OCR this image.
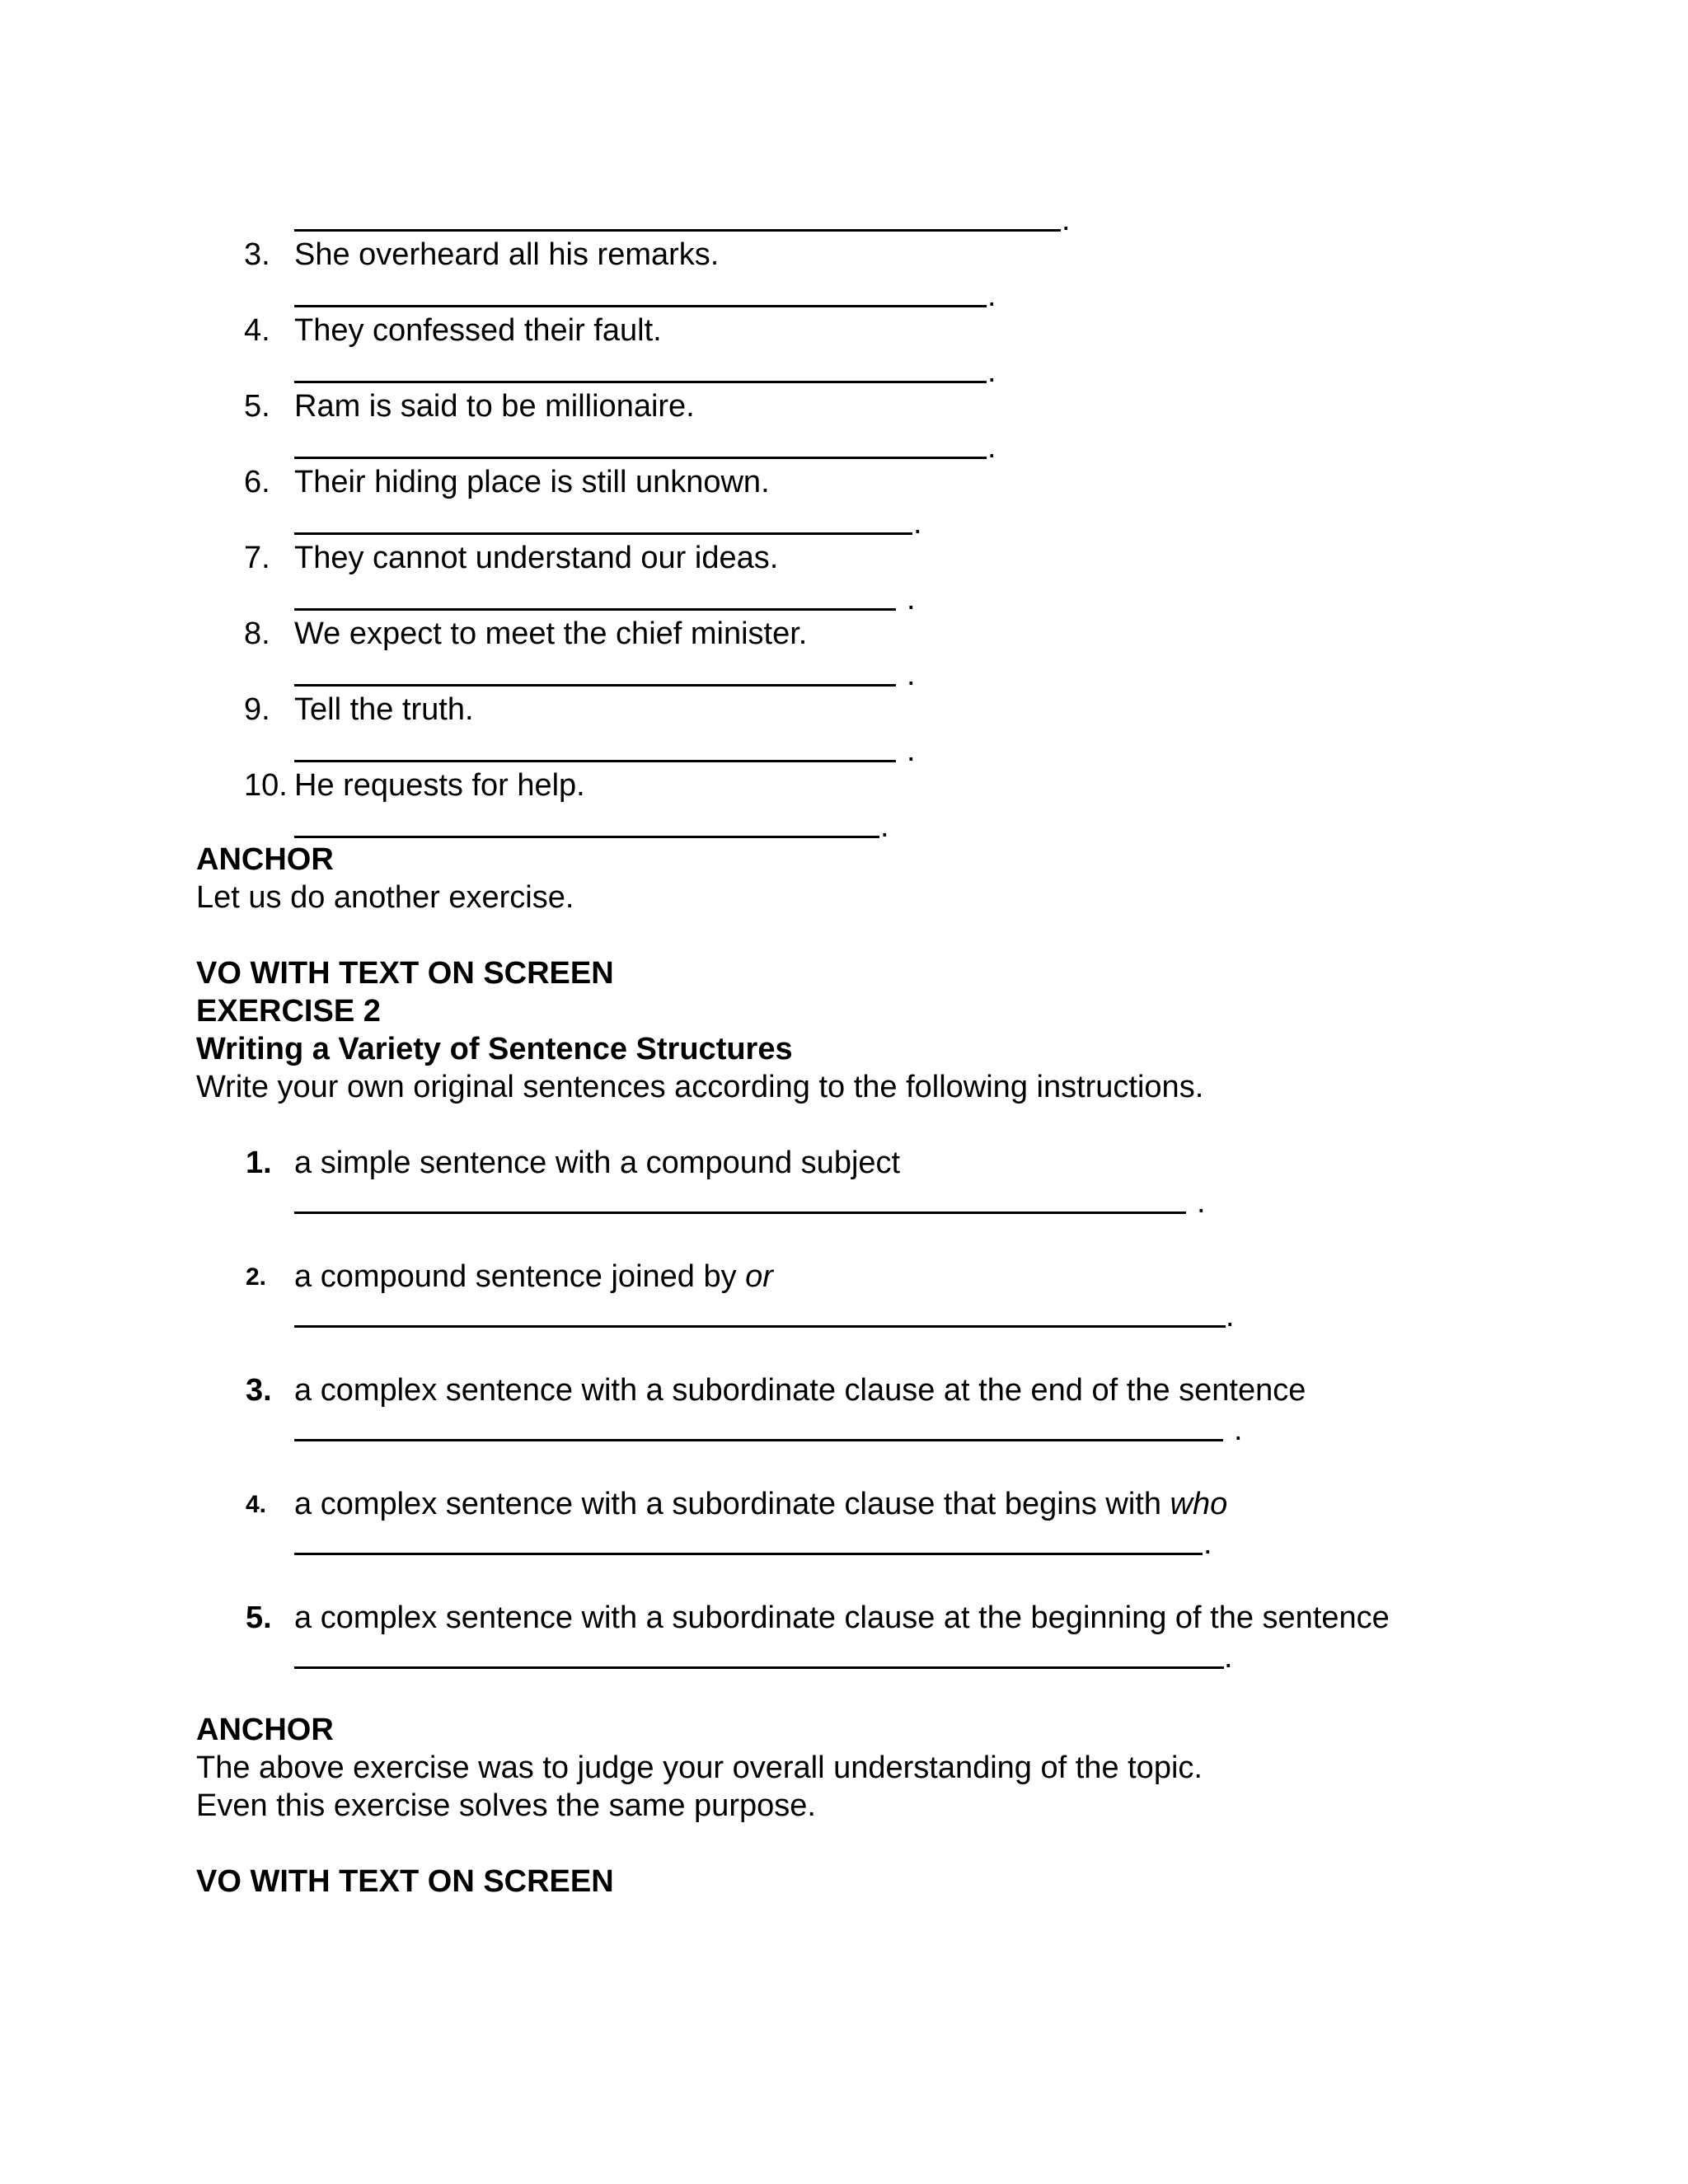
.
3. She overheard all his remarks.
.
4. They confessed their fault.
.
5. Ram is said to be millionaire.
.
6. Their hiding place is still unknown.
.
7. They cannot understand our ideas.
.
8. We expect to meet the chief minister.
.
9. Tell the truth.
.
10. He requests for help.
.
ANCHOR
Let us do another exercise.
VO WITH TEXT ON SCREEN
EXERCISE 2
Writing a Variety of Sentence Structures
Write your own original sentences according to the following instructions.
1. a simple sentence with a compound subject
.
2. a compound sentence joined by or
.
3. a complex sentence with a subordinate clause at the end of the sentence
.
4. a complex sentence with a subordinate clause that begins with who
.
5. a complex sentence with a subordinate clause at the beginning of the sentence
.
ANCHOR
The above exercise was to judge your overall understanding of the topic.
Even this exercise solves the same purpose.
VO WITH TEXT ON SCREEN
